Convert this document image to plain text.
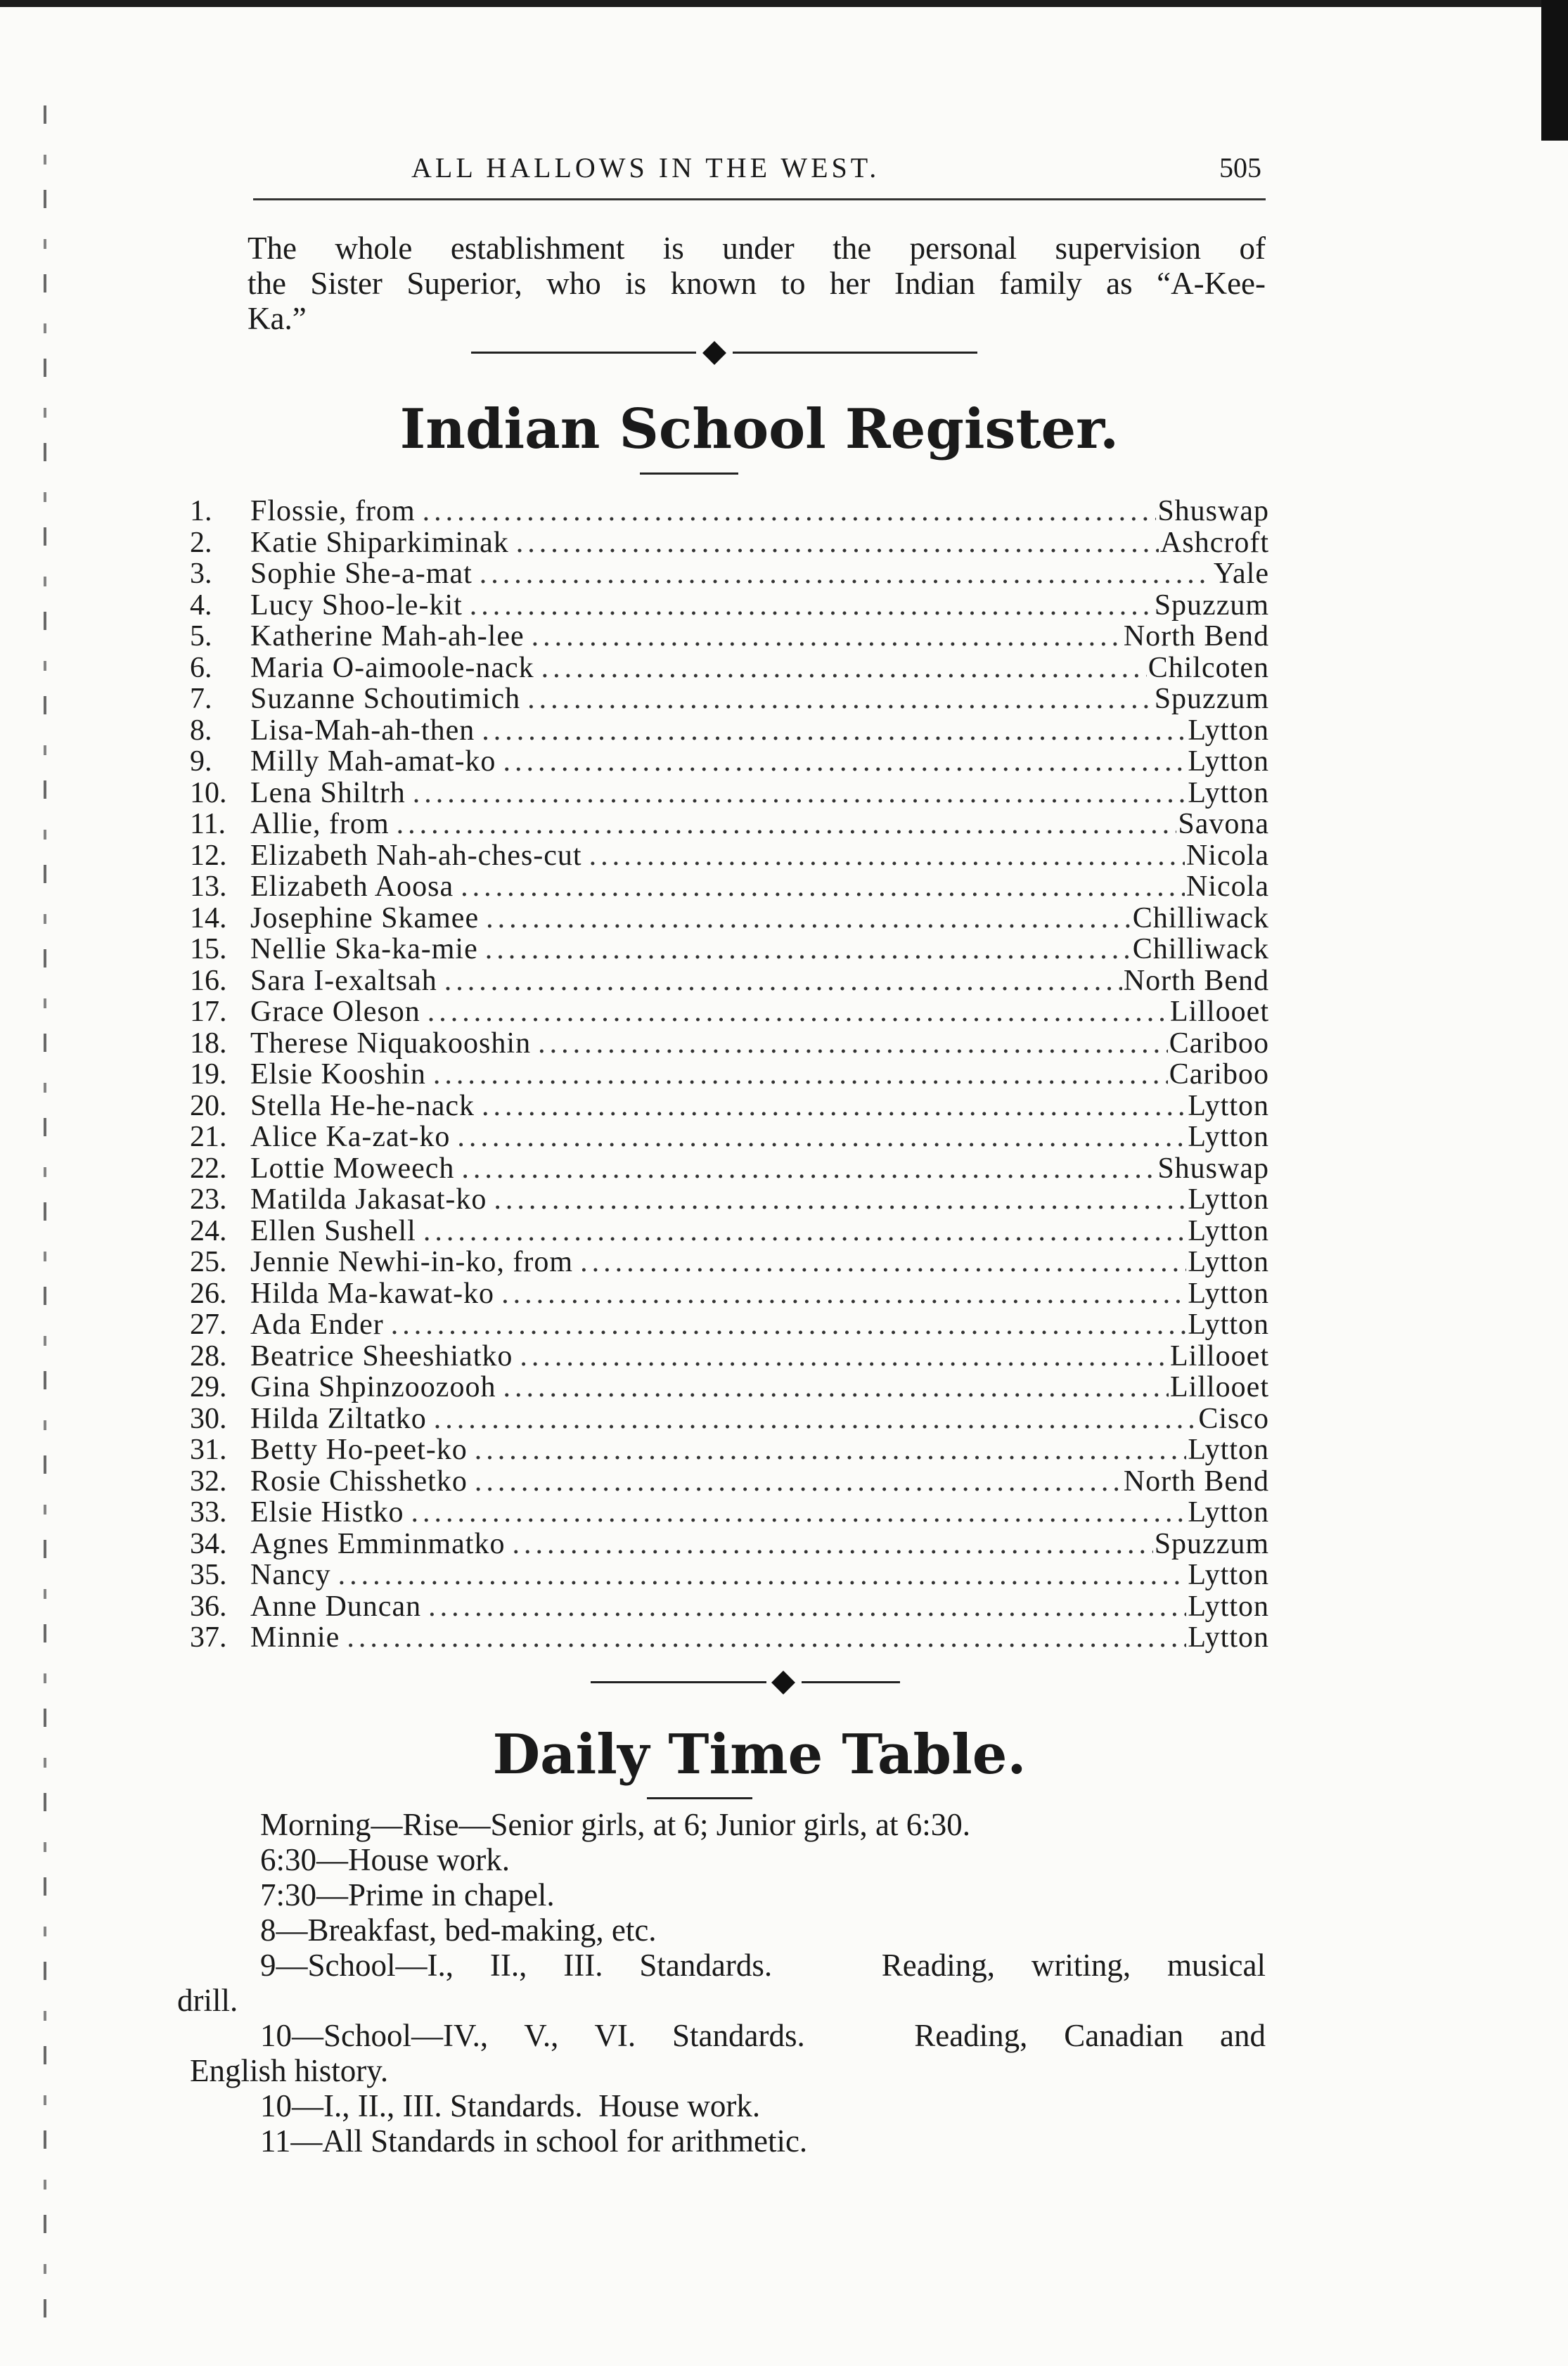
ALL HALLOWS IN THE WEST.	505
The whole establishment is under the personal supervision of
the Sister Superior, who is known to her Indian family as “A-Kee-
Ka.”
Indian School Register.
1.	Flossie, from .....	Shuswap
2.	Katie Shiparkiminak .....	Ashcroft
3.	Sophie She-a-mat .....	Yale
4.	Lucy Shoo-le-kit .....	Spuzzum
5.	Katherine Mah-ah-lee .....	North Bend
6.	Maria O-aimoole-nack .....	Chilcoten
7.	Suzanne Schoutimich .....	Spuzzum
8.	Lisa-Mah-ah-then .....	Lytton
9.	Milly Mah-amat-ko .....	Lytton
10. Lena Shiltrh .....	Lytton
11. Allie, from .....	Savona
12. Elizabeth Nah-ah-ches-cut .....	Nicola
13. Elizabeth Aoosa .....	Nicola
14. Josephine Skamee .....	Chilliwack
15. Nellie Ska-ka-mie .....	Chilliwack
16. Sara I-exaltsah .....	North Bend
17. Grace Oleson .....	Lillooet
18. Therese Niquakooshin .....	Cariboo
19. Elsie Kooshin .....	Cariboo
20. Stella He-he-nack .....	Lytton
21. Alice Ka-zat-ko .....	Lytton
22. Lottie Moweech .....	Shuswap
23. Matilda Jakasat-ko .....	Lytton
24. Ellen Sushell .....	Lytton
25. Jennie Newhi-in-ko, from .....	Lytton
26. Hilda Ma-kawat-ko .....	Lytton
27. Ada Ender .....	Lytton
28. Beatrice Sheeshiatko .....	Lillooet
29. Gina Shpinzoozooh .....	Lillooet
30. Hilda Ziltatko .....	Cisco
31. Betty Ho-peet-ko .....	Lytton
32. Rosie Chisshetko .....	North Bend
33. Elsie Histko .....	Lytton
34. Agnes Emminmatko .....	Spuzzum
35. Nancy .....	Lytton
36. Anne Duncan .....	Lytton
37. Minnie .....	Lytton
Daily Time Table.
Morning—Rise—Senior girls, at 6; Junior girls, at 6:30.
6:30—House work.
7:30—Prime in chapel.
8—Breakfast, bed-making, etc.
9—School—I., II., III. Standards.   Reading, writing, musical
drill.
10—School—IV., V., VI. Standards.   Reading, Canadian and
English history.
10—I., II., III. Standards.  House work.
11—All Standards in school for arithmetic.
